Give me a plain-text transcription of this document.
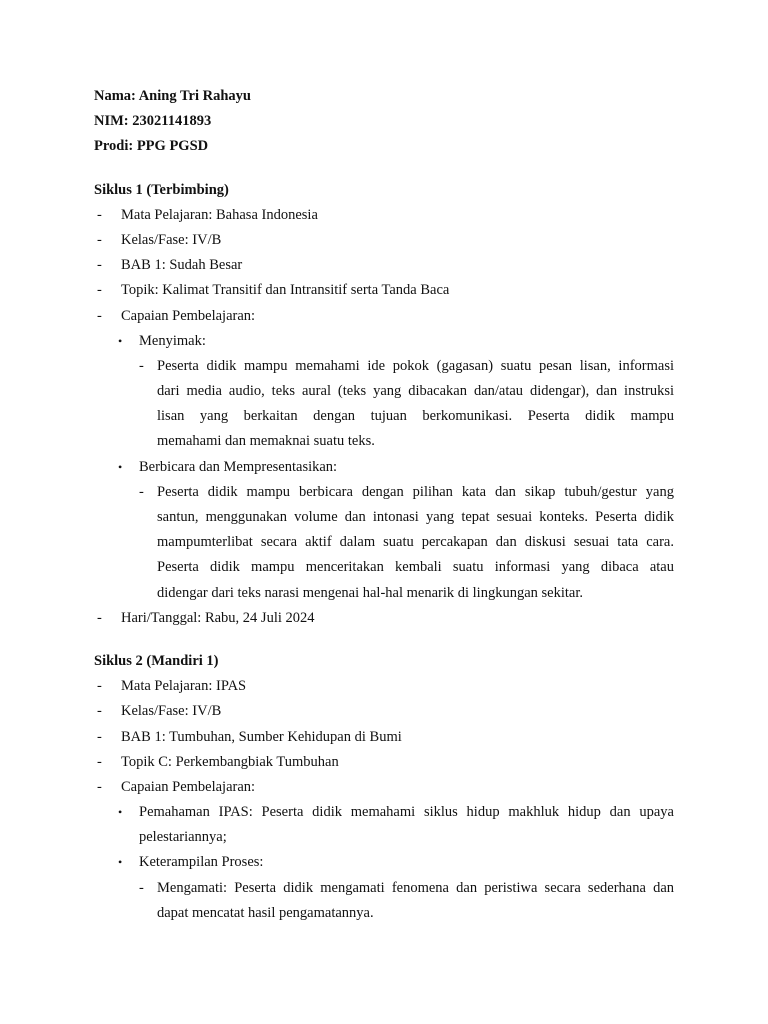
Nama: Aning Tri Rahayu
NIM: 23021141893
Prodi: PPG PGSD
Siklus 1 (Terbimbing)
- Mata Pelajaran: Bahasa Indonesia
- Kelas/Fase: IV/B
- BAB 1: Sudah Besar
- Topik: Kalimat Transitif dan Intransitif serta Tanda Baca
- Capaian Pembelajaran:
• Menyimak:
- Peserta didik mampu memahami ide pokok (gagasan) suatu pesan lisan, informasi
dari media audio, teks aural (teks yang dibacakan dan/atau didengar), dan instruksi
lisan yang berkaitan dengan tujuan berkomunikasi. Peserta didik mampu
memahami dan memaknai suatu teks.
• Berbicara dan Mempresentasikan:
- Peserta didik mampu berbicara dengan pilihan kata dan sikap tubuh/gestur yang
santun, menggunakan volume dan intonasi yang tepat sesuai konteks. Peserta didik
mampumterlibat secara aktif dalam suatu percakapan dan diskusi sesuai tata cara.
Peserta didik mampu menceritakan kembali suatu informasi yang dibaca atau
didengar dari teks narasi mengenai hal-hal menarik di lingkungan sekitar.
- Hari/Tanggal: Rabu, 24 Juli 2024
Siklus 2 (Mandiri 1)
- Mata Pelajaran: IPAS
- Kelas/Fase: IV/B
- BAB 1: Tumbuhan, Sumber Kehidupan di Bumi
- Topik C: Perkembangbiak Tumbuhan
- Capaian Pembelajaran:
• Pemahaman IPAS: Peserta didik memahami siklus hidup makhluk hidup dan upaya
pelestariannya;
• Keterampilan Proses:
- Mengamati: Peserta didik mengamati fenomena dan peristiwa secara sederhana dan
dapat mencatat hasil pengamatannya.
